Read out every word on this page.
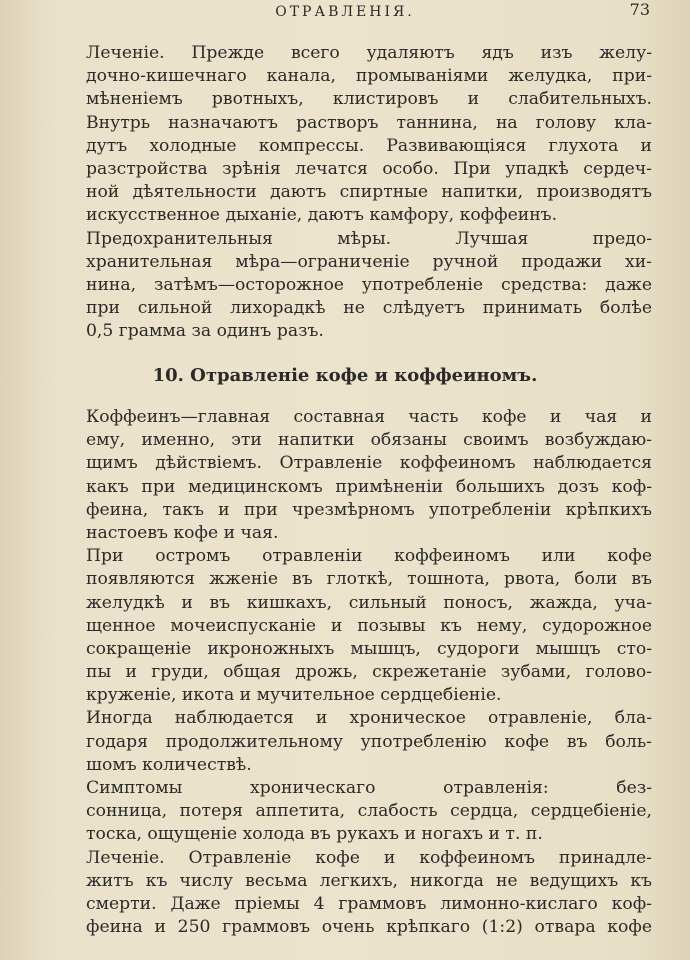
ОТРАВЛЕНІЯ.	73
Леченіе. Прежде всего удаляютъ ядъ изъ желу-
дочно-кишечнаго канала, промываніями желудка, при-
мѣненіемъ рвотныхъ, клистировъ и слабительныхъ.
Внутрь назначаютъ растворъ таннина, на голову кла-
дутъ холодные компрессы. Развивающіяся глухота и
разстройства зрѣнія лечатся особо. При упадкѣ сердеч-
ной дѣятельности даютъ спиртные напитки, производятъ
искусственное дыханіе, даютъ камфору, коффеинъ.
Предохранительныя мѣры. Лучшая предо-
хранительная мѣра—ограниченіе ручной продажи хи-
нина, затѣмъ—осторожное употребленіе средства: даже
при сильной лихорадкѣ не слѣдуетъ принимать болѣе
0,5 грамма за одинъ разъ.
10. Отравленіе кофе и коффеиномъ.
Коффеинъ—главная составная часть кофе и чая и
ему, именно, эти напитки обязаны своимъ возбуждаю-
щимъ дѣйствіемъ. Отравленіе коффеиномъ наблюдается
какъ при медицинскомъ примѣненіи большихъ дозъ коф-
феина, такъ и при чрезмѣрномъ употребленіи крѣпкихъ
настоевъ кофе и чая.
При остромъ отравленіи коффеиномъ или кофе
появляются жженіе въ глоткѣ, тошнота, рвота, боли въ
желудкѣ и въ кишкахъ, сильный поносъ, жажда, уча-
щенное мочеиспусканіе и позывы къ нему, судорожное
сокращеніе икроножныхъ мышцъ, судороги мышцъ сто-
пы и груди, общая дрожь, скрежетаніе зубами, голово-
круженіе, икота и мучительное сердцебіеніе.
Иногда наблюдается и хроническое отравленіе, бла-
годаря продолжительному употребленію кофе въ боль-
шомъ количествѣ.
Симптомы хроническаго отравленія: без-
сонница, потеря аппетита, слабость сердца, сердцебіеніе,
тоска, ощущеніе холода въ рукахъ и ногахъ и т. п.
Леченіе. Отравленіе кофе и коффеиномъ принадле-
житъ къ числу весьма легкихъ, никогда не ведущихъ къ
смерти. Даже пріемы 4 граммовъ лимонно-кислаго коф-
феина и 250 граммовъ очень крѣпкаго (1:2) отвара кофе
